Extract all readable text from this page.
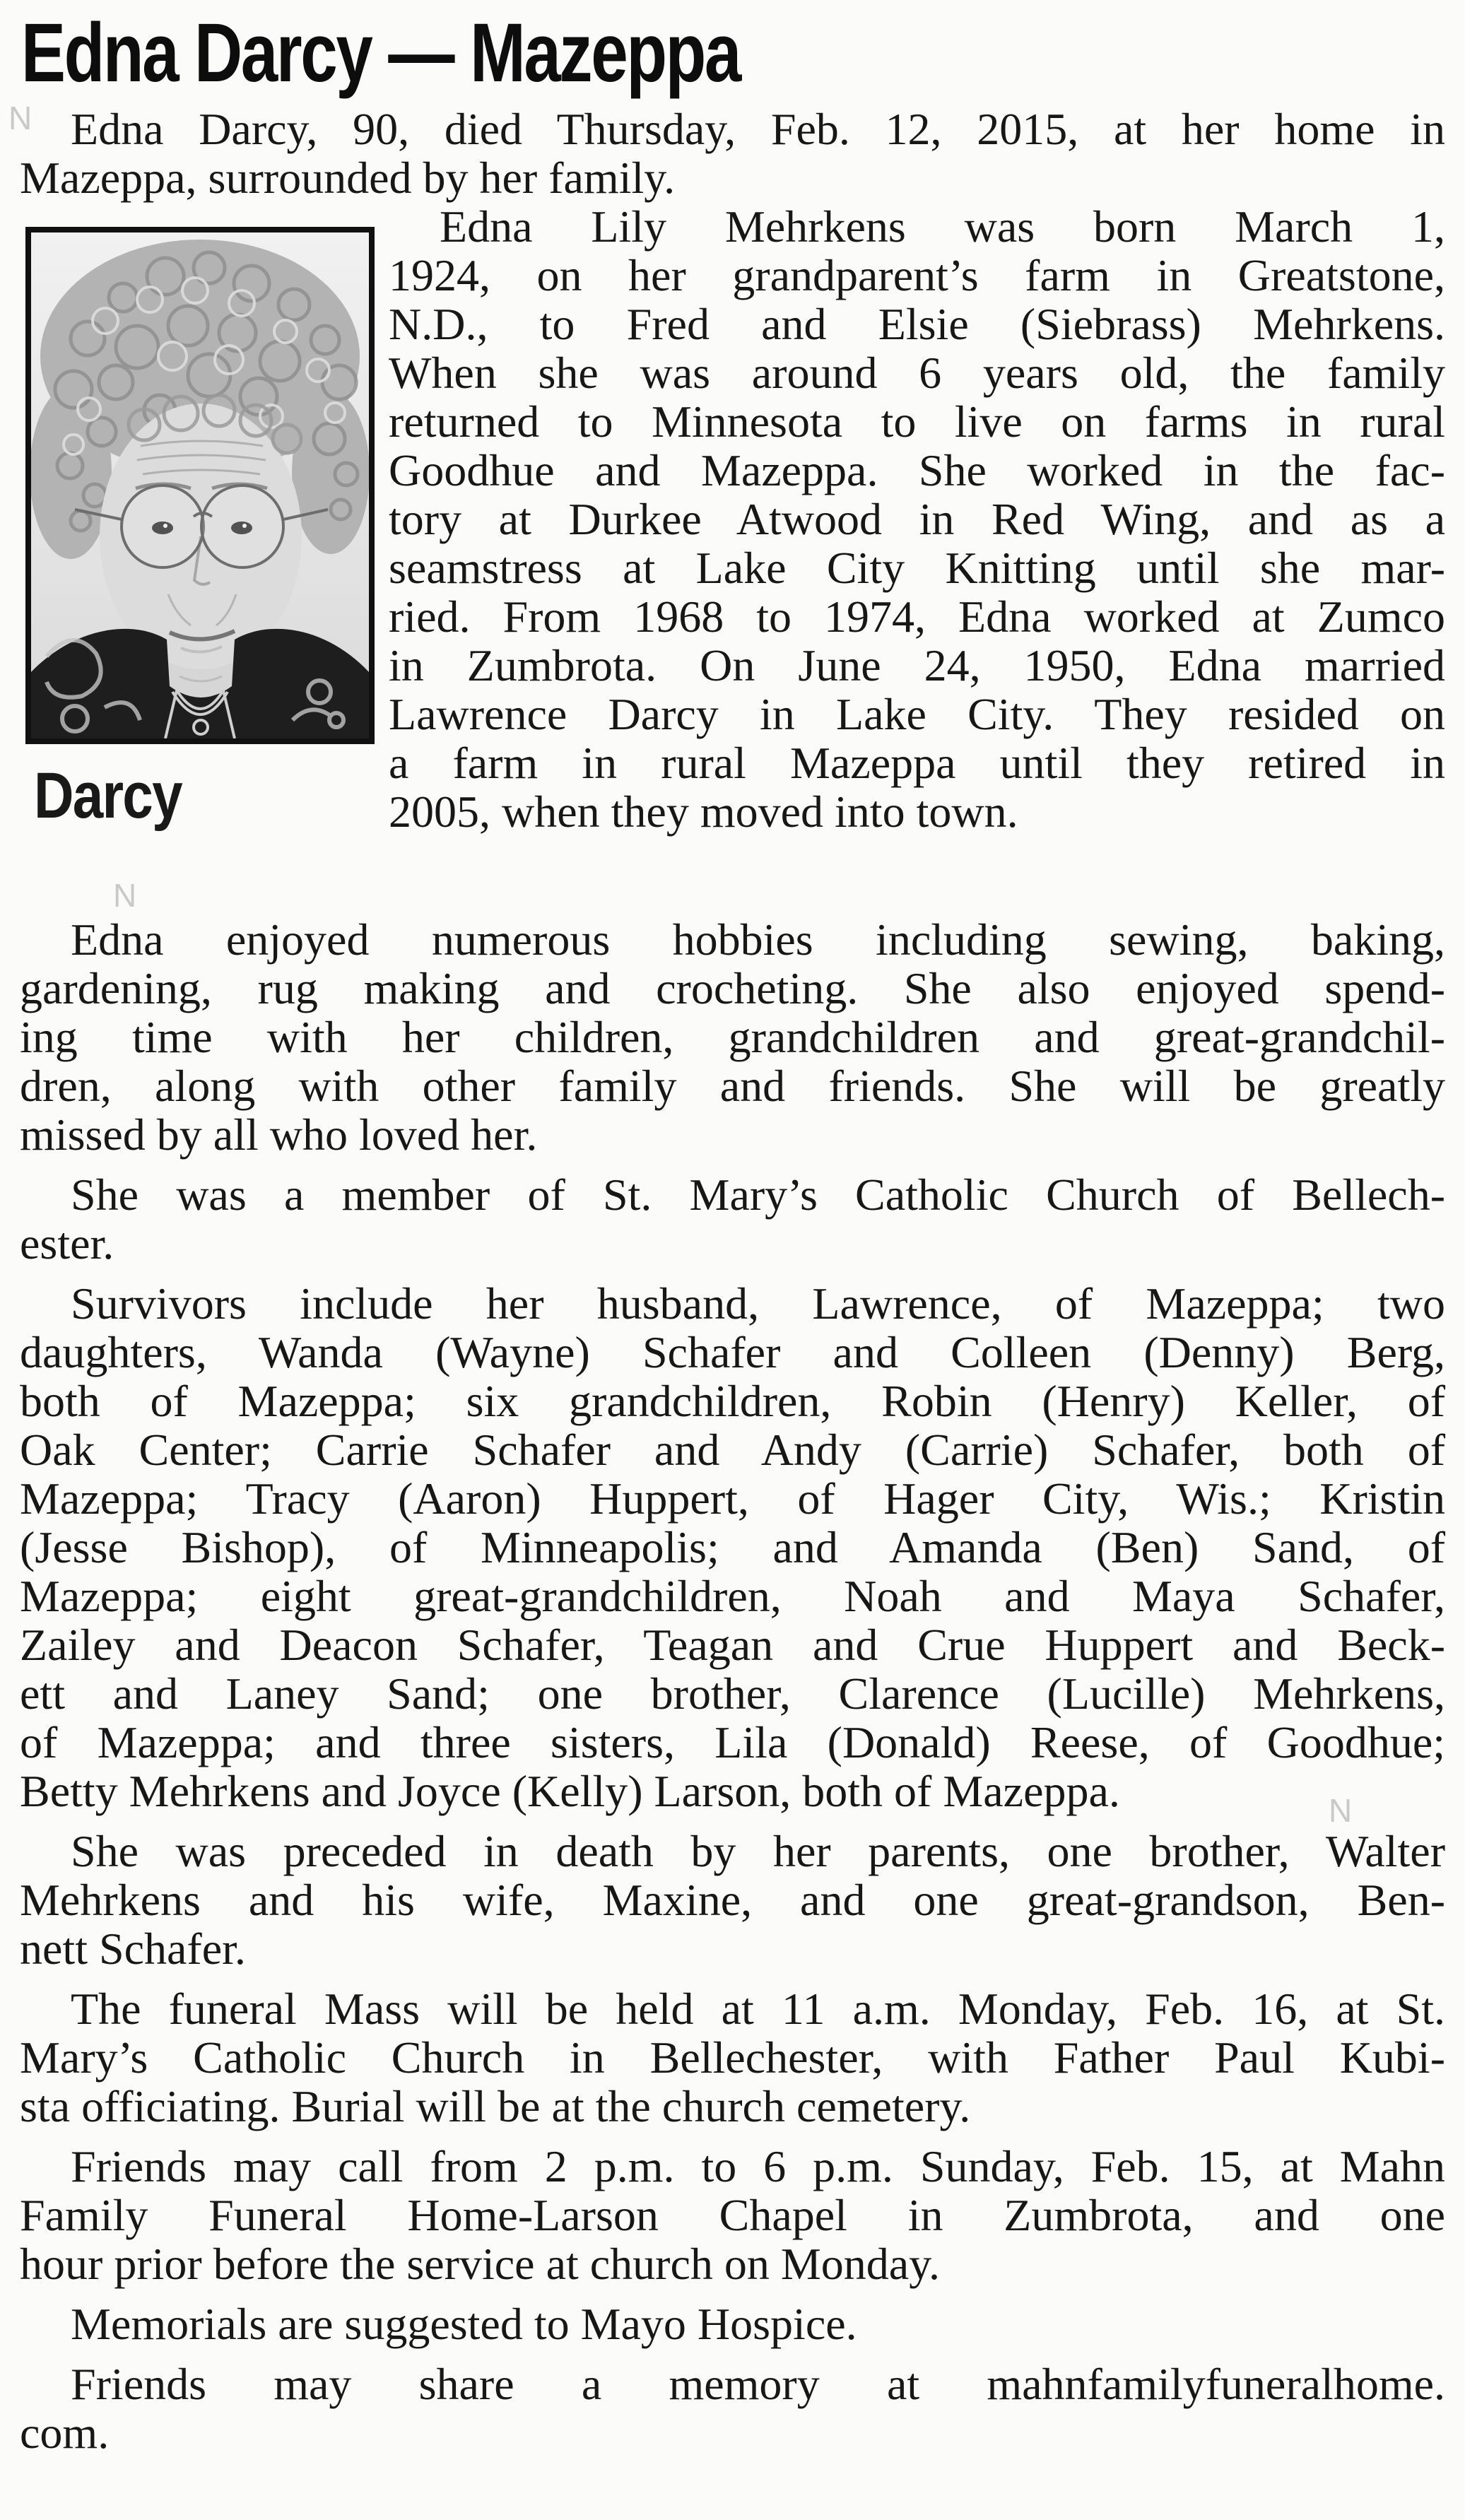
Edna Darcy — Mazeppa
Edna Darcy, 90, died Thursday, Feb. 12, 2015, at her home in
Mazeppa, surrounded by her family.
Darcy
Edna Lily Mehrkens was born March 1,
1924, on her grandparent’s farm in Greatstone,
N.D., to Fred and Elsie (Siebrass) Mehrkens.
When she was around 6 years old, the family
returned to Minnesota to live on farms in rural
Goodhue and Mazeppa. She worked in the fac-
tory at Durkee Atwood in Red Wing, and as a
seamstress at Lake City Knitting until she mar-
ried. From 1968 to 1974, Edna worked at Zumco
in Zumbrota. On June 24, 1950, Edna married
Lawrence Darcy in Lake City. They resided on
a farm in rural Mazeppa until they retired in
2005, when they moved into town.
Edna enjoyed numerous hobbies including sewing, baking,
gardening, rug making and crocheting. She also enjoyed spend-
ing time with her children, grandchildren and great-grandchil-
dren, along with other family and friends. She will be greatly
missed by all who loved her.
She was a member of St. Mary’s Catholic Church of Bellech-
ester.
Survivors include her husband, Lawrence, of Mazeppa; two
daughters, Wanda (Wayne) Schafer and Colleen (Denny) Berg,
both of Mazeppa; six grandchildren, Robin (Henry) Keller, of
Oak Center; Carrie Schafer and Andy (Carrie) Schafer, both of
Mazeppa; Tracy (Aaron) Huppert, of Hager City, Wis.; Kristin
(Jesse Bishop), of Minneapolis; and Amanda (Ben) Sand, of
Mazeppa; eight great-grandchildren, Noah and Maya Schafer,
Zailey and Deacon Schafer, Teagan and Crue Huppert and Beck-
ett and Laney Sand; one brother, Clarence (Lucille) Mehrkens,
of Mazeppa; and three sisters, Lila (Donald) Reese, of Goodhue;
Betty Mehrkens and Joyce (Kelly) Larson, both of Mazeppa.
She was preceded in death by her parents, one brother, Walter
Mehrkens and his wife, Maxine, and one great-grandson, Ben-
nett Schafer.
The funeral Mass will be held at 11 a.m. Monday, Feb. 16, at St.
Mary’s Catholic Church in Bellechester, with Father Paul Kubi-
sta officiating. Burial will be at the church cemetery.
Friends may call from 2 p.m. to 6 p.m. Sunday, Feb. 15, at Mahn
Family Funeral Home-Larson Chapel in Zumbrota, and one
hour prior before the service at church on Monday.
Memorials are suggested to Mayo Hospice.
Friends may share a memory at mahnfamilyfuneralhome.
com.
N
N
N
